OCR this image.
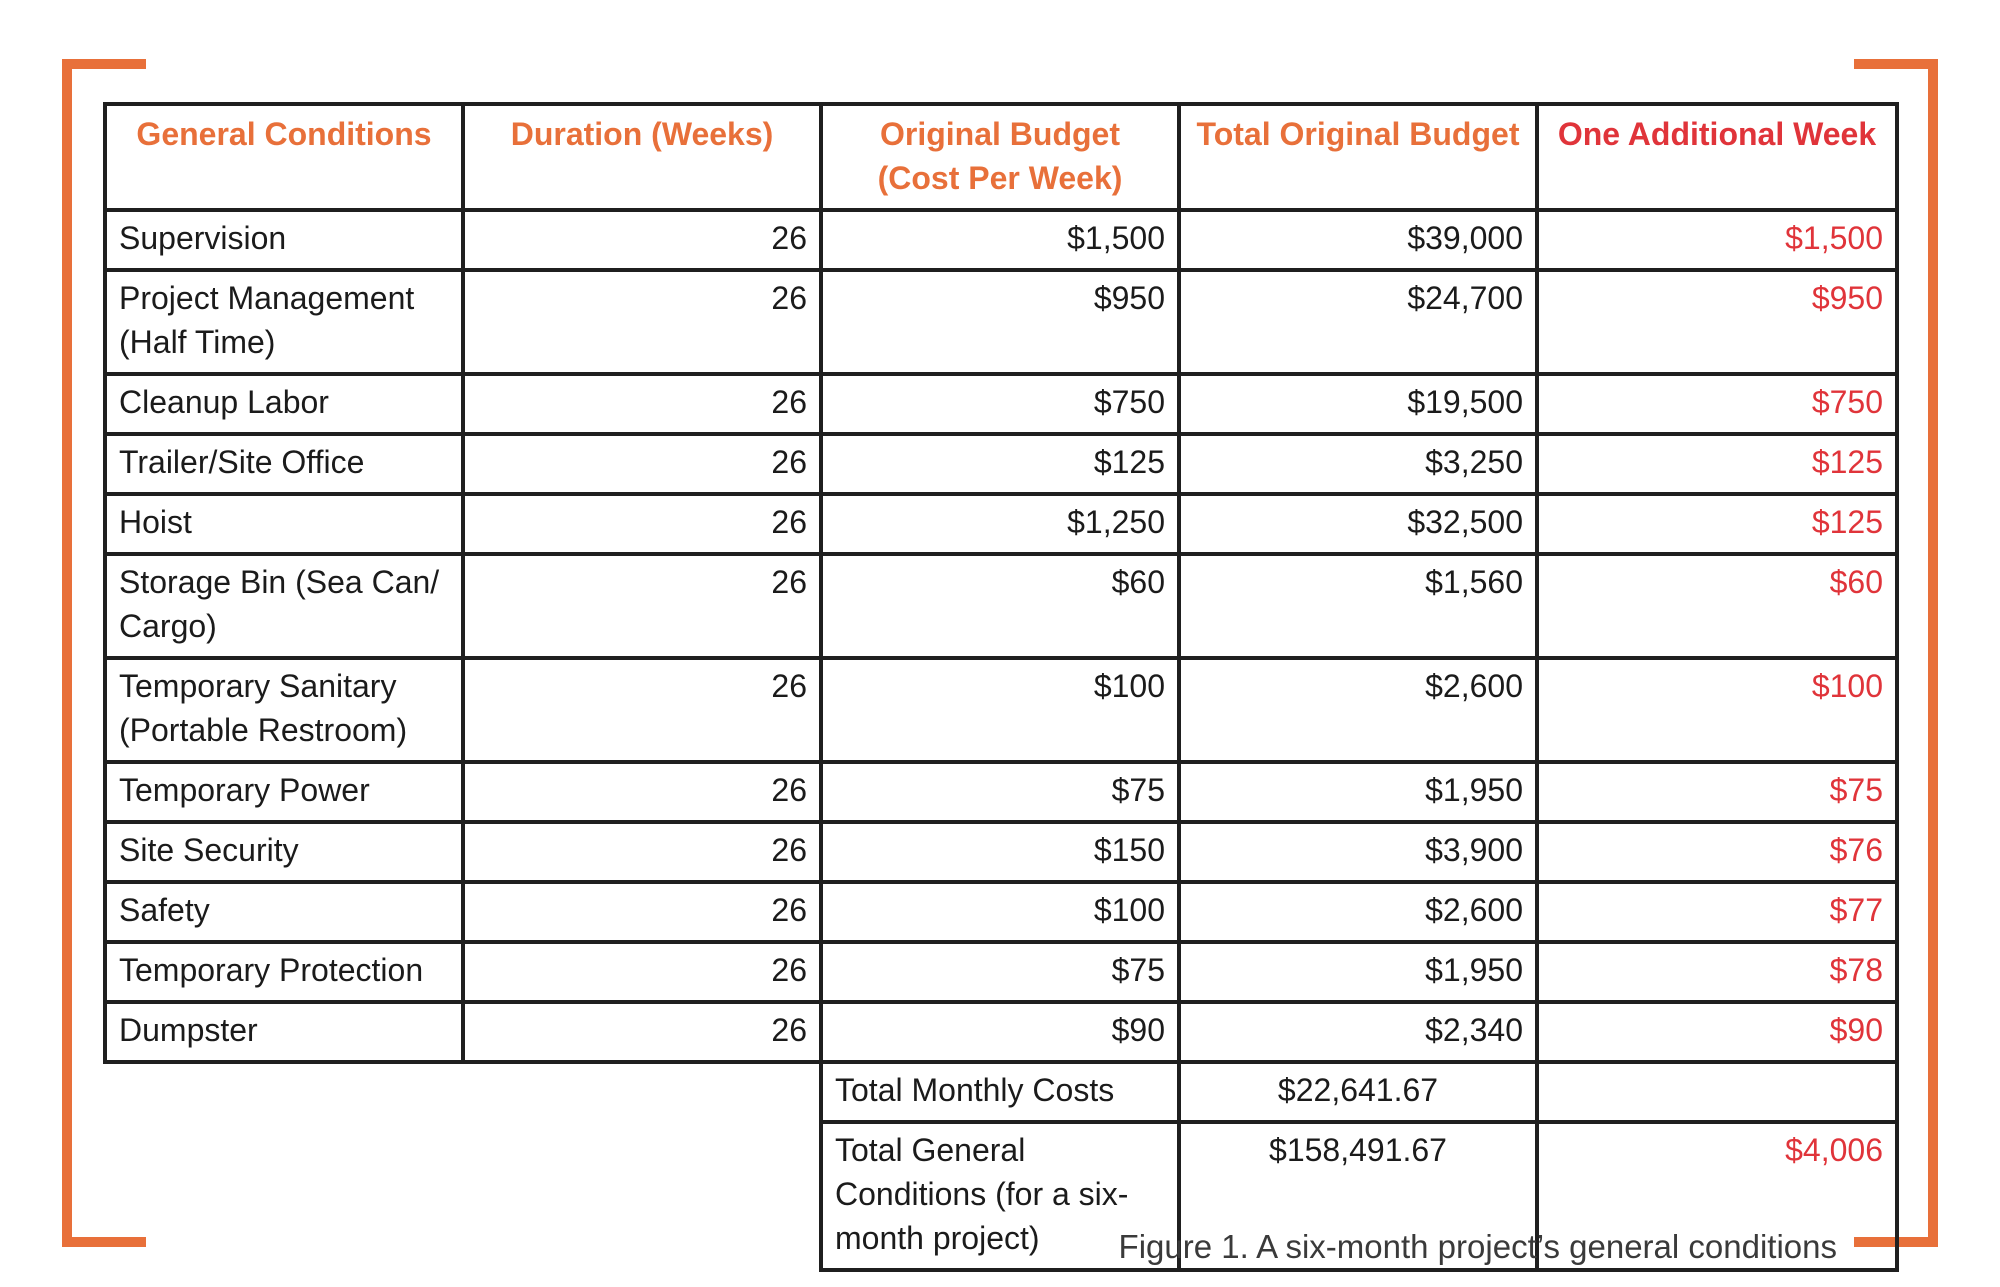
General Conditions	Duration (Weeks)	Original Budget (Cost Per Week)	Total Original Budget	One Additional Week
Supervision	26	$1,500	$39,000	$1,500
Project Management (Half Time)	26	$950	$24,700	$950
Cleanup Labor	26	$750	$19,500	$750
Trailer/Site Office	26	$125	$3,250	$125
Hoist	26	$1,250	$32,500	$125
Storage Bin (Sea Can/ Cargo)	26	$60	$1,560	$60
Temporary Sanitary (Portable Restroom)	26	$100	$2,600	$100
Temporary Power	26	$75	$1,950	$75
Site Security	26	$150	$3,900	$76
Safety	26	$100	$2,600	$77
Temporary Protection	26	$75	$1,950	$78
Dumpster	26	$90	$2,340	$90
		Total Monthly Costs	$22,641.67	
		Total General Conditions (for a six-month project)	$158,491.67	$4,006
Figure 1. A six-month project’s general conditions
